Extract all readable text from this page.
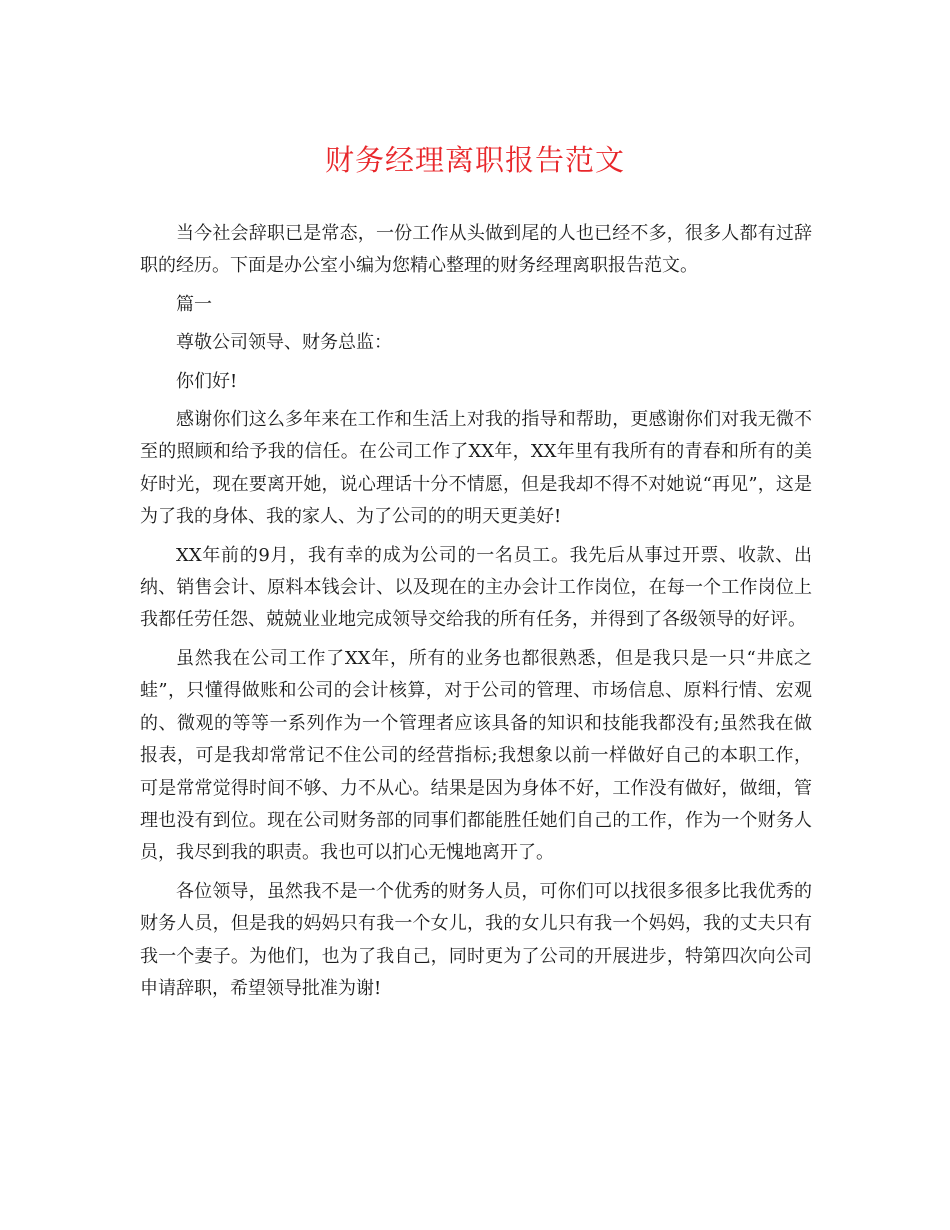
财务经理离职报告范文

当今社会辞职已是常态，一份工作从头做到尾的人也已经不多，很多人都有过辞职的经历。下面是办公室小编为您精心整理的财务经理离职报告范文。

篇一

尊敬公司领导、财务总监：

你们好!

感谢你们这么多年来在工作和生活上对我的指导和帮助，更感谢你们对我无微不至的照顾和给予我的信任。在公司工作了XX年，XX年里有我所有的青春和所有的美好时光，现在要离开她，说心理话十分不情愿，但是我却不得不对她说“再见”，这是为了我的身体、我的家人、为了公司的的明天更美好!

XX年前的9月，我有幸的成为公司的一名员工。我先后从事过开票、收款、出纳、销售会计、原料本钱会计、以及现在的主办会计工作岗位，在每一个工作岗位上我都任劳任怨、兢兢业业地完成领导交给我的所有任务，并得到了各级领导的好评。

虽然我在公司工作了XX年，所有的业务也都很熟悉，但是我只是一只“井底之蛙”，只懂得做账和公司的会计核算，对于公司的管理、市场信息、原料行情、宏观的、微观的等等一系列作为一个管理者应该具备的知识和技能我都没有;虽然我在做报表，可是我却常常记不住公司的经营指标;我想象以前一样做好自己的本职工作，可是常常觉得时间不够、力不从心。结果是因为身体不好，工作没有做好，做细，管理也没有到位。现在公司财务部的同事们都能胜任她们自己的工作，作为一个财务人员，我尽到我的职责。我也可以扪心无愧地离开了。

各位领导，虽然我不是一个优秀的财务人员，可你们可以找很多很多比我优秀的财务人员，但是我的妈妈只有我一个女儿，我的女儿只有我一个妈妈，我的丈夫只有我一个妻子。为他们，也为了我自己，同时更为了公司的开展进步，特第四次向公司申请辞职，希望领导批准为谢!
